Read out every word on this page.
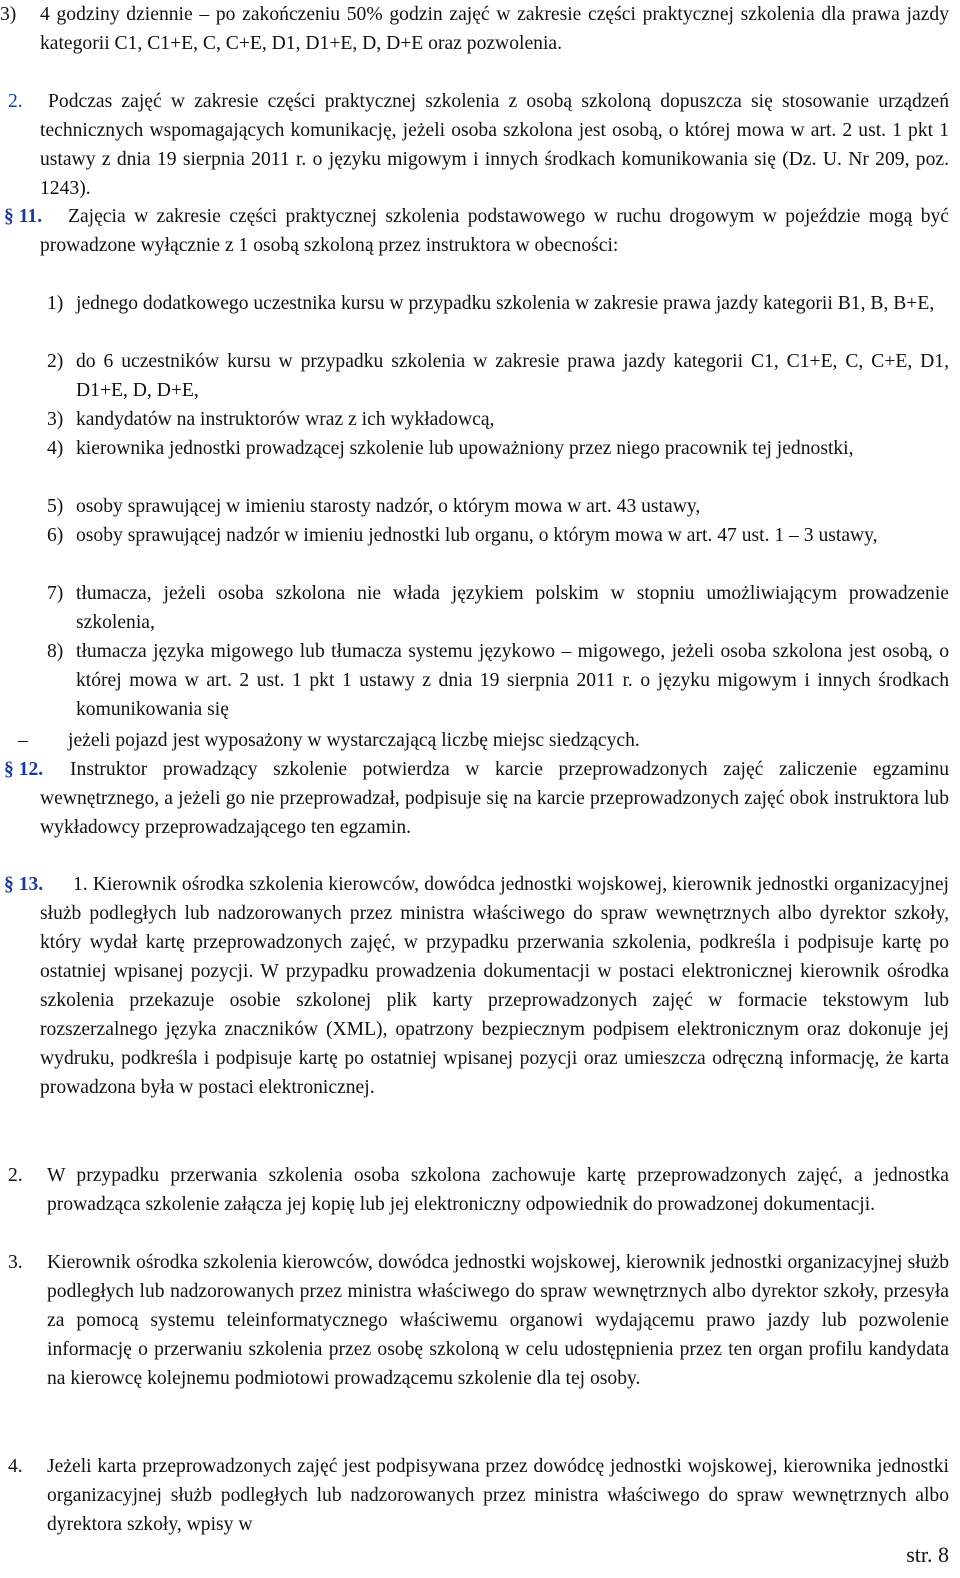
3) 4 godziny dziennie – po zakończeniu 50% godzin zajęć w zakresie części praktycznej szkolenia dla prawa jazdy kategorii C1, C1+E, C, C+E, D1, D1+E, D, D+E oraz pozwolenia.

2.	Podczas zajęć w zakresie części praktycznej szkolenia z osobą szkoloną dopuszcza się stosowanie urządzeń technicznych wspomagających komunikację, jeżeli osoba szkolona jest osobą, o której mowa w art. 2 ust. 1 pkt 1 ustawy z dnia 19 sierpnia 2011 r. o języku migowym i innych środkach komunikowania się (Dz. U. Nr 209, poz. 1243).

§ 11.	Zajęcia w zakresie części praktycznej szkolenia podstawowego w ruchu drogowym w pojeździe mogą być prowadzone wyłącznie z 1 osobą szkoloną przez instruktora w obecności:

1) jednego dodatkowego uczestnika kursu w przypadku szkolenia w zakresie prawa jazdy kategorii B1, B, B+E,

2) do 6 uczestników kursu w przypadku szkolenia w zakresie prawa jazdy kategorii C1, C1+E, C, C+E, D1, D1+E, D, D+E,

3) kandydatów na instruktorów wraz z ich wykładowcą,

4) kierownika jednostki prowadzącej szkolenie lub upoważniony przez niego pracownik tej jednostki,

5) osoby sprawującej w imieniu starosty nadzór, o którym mowa w art. 43 ustawy,

6) osoby sprawującej nadzór w imieniu jednostki lub organu, o którym mowa w art. 47 ust. 1 – 3 ustawy,

7) tłumacza, jeżeli osoba szkolona nie włada językiem polskim w stopniu umożliwiającym prowadzenie szkolenia,

8) tłumacza języka migowego lub tłumacza systemu językowo – migowego, jeżeli osoba szkolona jest osobą, o której mowa w art. 2 ust. 1 pkt 1 ustawy z dnia 19 sierpnia 2011 r. o języku migowym i innych środkach komunikowania się

– jeżeli pojazd jest wyposażony w wystarczającą liczbę miejsc siedzących.

§ 12.	Instruktor prowadzący szkolenie potwierdza w karcie przeprowadzonych zajęć zaliczenie egzaminu wewnętrznego, a jeżeli go nie przeprowadzał, podpisuje się na karcie przeprowadzonych zajęć obok instruktora lub wykładowcy przeprowadzającego ten egzamin.

§ 13.	1. Kierownik ośrodka szkolenia kierowców, dowódca jednostki wojskowej, kierownik jednostki organizacyjnej służb podległych lub nadzorowanych przez ministra właściwego do spraw wewnętrznych albo dyrektor szkoły, który wydał kartę przeprowadzonych zajęć, w przypadku przerwania szkolenia, podkreśla i podpisuje kartę po ostatniej wpisanej pozycji. W przypadku prowadzenia dokumentacji w postaci elektronicznej kierownik ośrodka szkolenia przekazuje osobie szkolonej plik karty przeprowadzonych zajęć w formacie tekstowym lub rozszerzalnego języka znaczników (XML), opatrzony bezpiecznym podpisem elektronicznym oraz dokonuje jej wydruku, podkreśla i podpisuje kartę po ostatniej wpisanej pozycji oraz umieszcza odręczną informację, że karta prowadzona była w postaci elektronicznej.

2. W przypadku przerwania szkolenia osoba szkolona zachowuje kartę przeprowadzonych zajęć, a jednostka prowadząca szkolenie załącza jej kopię lub jej elektroniczny odpowiednik do prowadzonej dokumentacji.

3. Kierownik ośrodka szkolenia kierowców, dowódca jednostki wojskowej, kierownik jednostki organizacyjnej służb podległych lub nadzorowanych przez ministra właściwego do spraw wewnętrznych albo dyrektor szkoły, przesyła za pomocą systemu teleinformatycznego właściwemu organowi wydającemu prawo jazdy lub pozwolenie informację o przerwaniu szkolenia przez osobę szkoloną w celu udostępnienia przez ten organ profilu kandydata na kierowcę kolejnemu podmiotowi prowadzącemu szkolenie dla tej osoby.

4. Jeżeli karta przeprowadzonych zajęć jest podpisywana przez dowódcę jednostki wojskowej, kierownika jednostki organizacyjnej służb podległych lub nadzorowanych przez ministra właściwego do spraw wewnętrznych albo dyrektora szkoły, wpisy w

str. 8
